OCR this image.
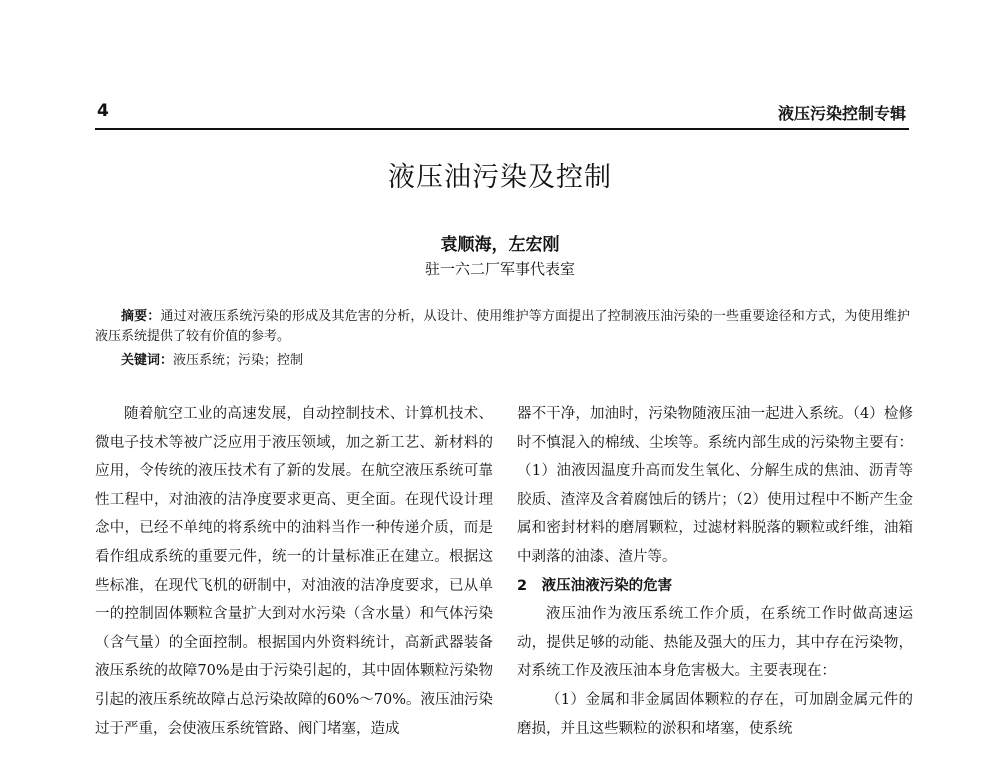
4	液压污染控制专辑
液压油污染及控制
袁顺海，左宏刚
驻一六二厂军事代表室

摘要：通过对液压系统污染的形成及其危害的分析，从设计、使用维护等方面提出了控制液压油污染的一些重要途径和方式，为使用维护液压系统提供了较有价值的参考。

关键词：液压系统；污染；控制

随着航空工业的高速发展，自动控制技术、计算机技术、微电子技术等被广泛应用于液压领域，加之新工艺、新材料的应用，令传统的液压技术有了新的发展。在航空液压系统可靠性工程中，对油液的洁净度要求更高、更全面。在现代设计理念中，已经不单纯的将系统中的油料当作一种传递介质，而是看作组成系统的重要元件，统一的计量标准正在建立。根据这些标准，在现代飞机的研制中，对油液的洁净度要求，已从单一的控制固体颗粒含量扩大到对水污染（含水量）和气体污染（含气量）的全面控制。根据国内外资料统计，高新武器装备液压系统的故障70%是由于污染引起的，其中固体颗粒污染物引起的液压系统故障占总污染故障的60%～70%。液压油污染过于严重，会使液压系统管路、阀门堵塞，造成

器不干净，加油时，污染物随液压油一起进入系统。（4）检修时不慎混入的棉绒、尘埃等。系统内部生成的污染物主要有：（1）油液因温度升高而发生氧化、分解生成的焦油、沥青等胶质、渣滓及含着腐蚀后的锈片；（2）使用过程中不断产生金属和密封材料的磨屑颗粒，过滤材料脱落的颗粒或纤维，油箱中剥落的油漆、渣片等。

2　液压油液污染的危害

液压油作为液压系统工作介质，在系统工作时做高速运动，提供足够的动能、热能及强大的压力，其中存在污染物，对系统工作及液压油本身危害极大。主要表现在：

（1）金属和非金属固体颗粒的存在，可加剧金属元件的磨损，并且这些颗粒的淤积和堵塞，使系统
